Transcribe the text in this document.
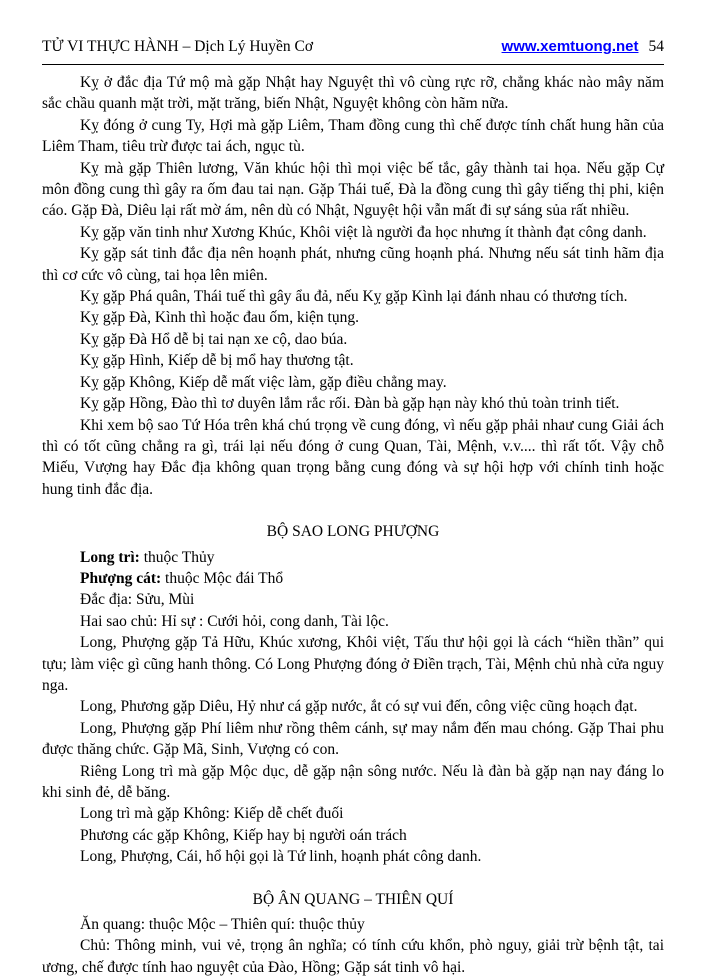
TỬ VI THỰC HÀNH – Dịch Lý Huyền Cơ	www.xemtuong.net 54

Kỵ ở đắc địa Tứ mộ mà gặp Nhật hay Nguyệt thì vô cùng rực rỡ, chẳng khác nào mây năm sắc chầu quanh mặt trời, mặt trăng, biến Nhật, Nguyệt không còn hãm nữa.

Kỵ đóng ở cung Ty, Hợi mà gặp Liêm, Tham đồng cung thì chế được tính chất hung hãn của Liêm Tham, tiêu trừ được tai ách, ngục tù.

Kỵ mà gặp Thiên lương, Văn khúc hội thì mọi việc bế tắc, gây thành tai họa. Nếu gặp Cự môn đồng cung thì gây ra ốm đau tai nạn. Gặp Thái tuế, Đà la đồng cung thì gây tiếng thị phi, kiện cáo. Gặp Đà, Diêu lại rất mờ ám, nên dù có Nhật, Nguyệt hội vẫn mất đi sự sáng sủa rất nhiều.

Kỵ gặp văn tinh như Xương Khúc, Khôi việt là người đa học nhưng ít thành đạt công danh.

Kỵ gặp sát tinh đắc địa nên hoạnh phát, nhưng cũng hoạnh phá. Nhưng nếu sát tinh hãm địa thì cơ cức vô cùng, tai họa lên miên.

Kỵ gặp Phá quân, Thái tuế thì gây ẩu đả, nếu Kỵ gặp Kình lại đánh nhau có thương tích.

Kỵ gặp Đà, Kình thì hoặc đau ốm, kiện tụng.

Kỵ gặp Đà Hổ dễ bị tai nạn xe cộ, dao búa.

Kỵ gặp Hình, Kiếp dễ bị mổ hay thương tật.

Kỵ gặp Không, Kiếp dễ mất việc làm, gặp điều chẳng may.

Kỵ gặp Hồng, Đào thì tơ duyên lắm rắc rối. Đàn bà gặp hạn này khó thủ toàn trinh tiết.

Khi xem bộ sao Tứ Hóa trên khá chú trọng về cung đóng, vì nếu gặp phải nhaư cung Giải ách thì có tốt cũng chẳng ra gì, trái lại nếu đóng ở cung Quan, Tài, Mệnh, v.v.... thì rất tốt. Vậy chỗ Miếu, Vượng hay Đắc địa không quan trọng bằng cung đóng và sự hội hợp với chính tinh hoặc hung tinh đắc địa.

BỘ SAO LONG PHƯỢNG

Long trì: thuộc Thủy

Phượng cát: thuộc Mộc đái Thổ

Đắc địa: Sửu, Mùi

Hai sao chủ: Hỉ sự : Cưới hỏi, cong danh, Tài lộc.

Long, Phượng gặp Tả Hữu, Khúc xương, Khôi việt, Tấu thư hội gọi là cách “hiền thần” qui tựu; làm việc gì cũng hanh thông. Có Long Phượng đóng ở Điền trạch, Tài, Mệnh chủ nhà cửa nguy nga.

Long, Phương gặp Diêu, Hỷ như cá gặp nước, ắt có sự vui đến, công việc cũng hoạch đạt.

Long, Phượng gặp Phí liêm như rồng thêm cánh, sự may nắm đến mau chóng. Gặp Thai phu được thăng chức. Gặp Mã, Sinh, Vượng có con.

Riêng Long trì mà gặp Mộc dục, dễ gặp nận sông nước. Nếu là đàn bà gặp nạn nay đáng lo khi sinh đẻ, dễ băng.

Long trì mà gặp Không: Kiếp dễ chết đuối

Phương các gặp Không, Kiếp hay bị người oán trách

Long, Phượng, Cái, hổ hội gọi là Tứ linh, hoạnh phát công danh.

BỘ ÂN QUANG – THIÊN QUÍ

Ăn quang: thuộc Mộc – Thiên quí: thuộc thủy

Chủ: Thông minh, vui vẻ, trọng ân nghĩa; có tính cứu khổn, phò nguy, giải trừ bệnh tật, tai ương, chế được tính hao nguyệt của Đào, Hồng; Gặp sát tinh vô hại.
